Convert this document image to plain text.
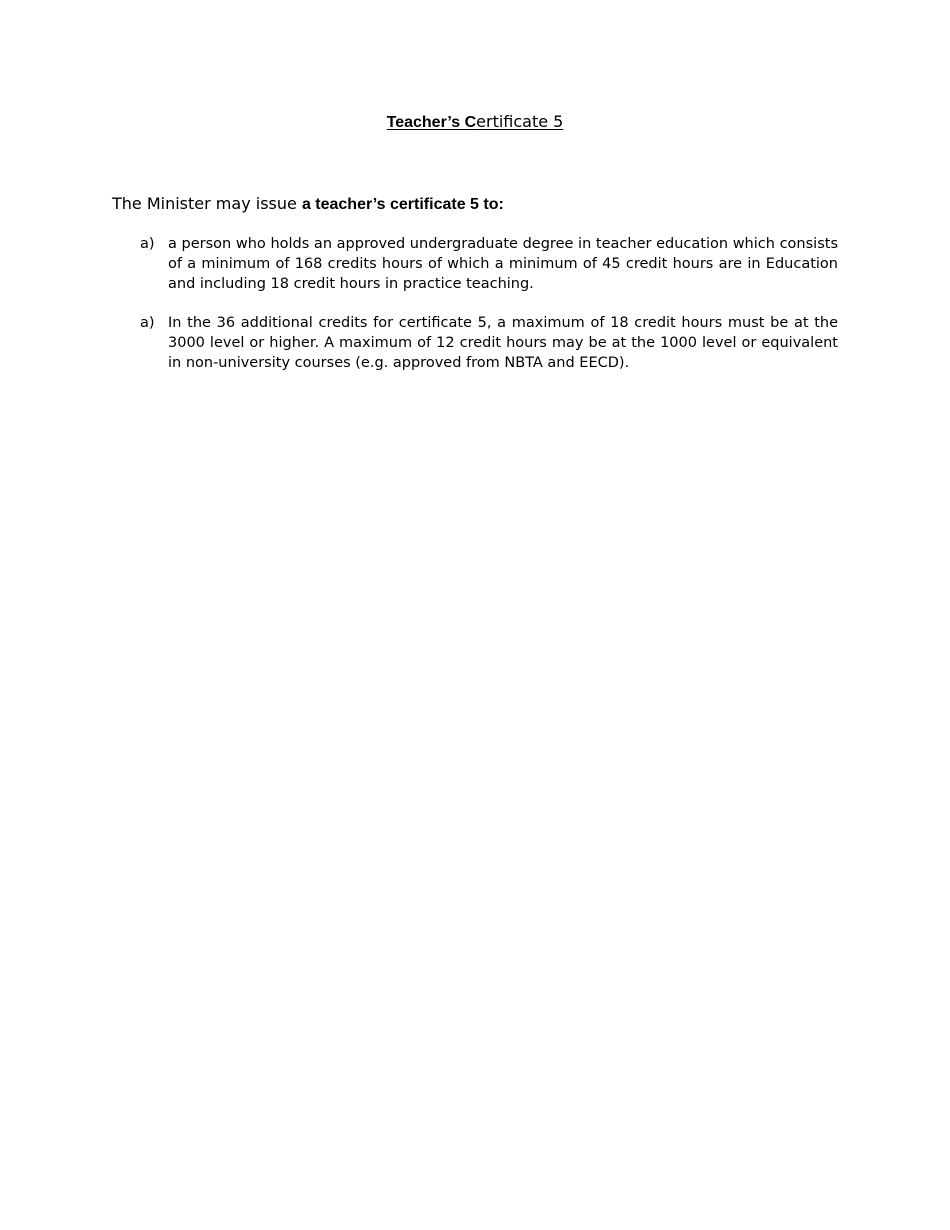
Teacher’s Certificate 5
The Minister may issue a teacher’s certificate 5 to:
a) a person who holds an approved undergraduate degree in teacher education which consists of a minimum of 168 credits hours of which a minimum of 45 credit hours are in Education and including 18 credit hours in practice teaching.
a) In the 36 additional credits for certificate 5, a maximum of 18 credit hours must be at the 3000 level or higher. A maximum of 12 credit hours may be at the 1000 level or equivalent in non-university courses (e.g. approved from NBTA and EECD).
